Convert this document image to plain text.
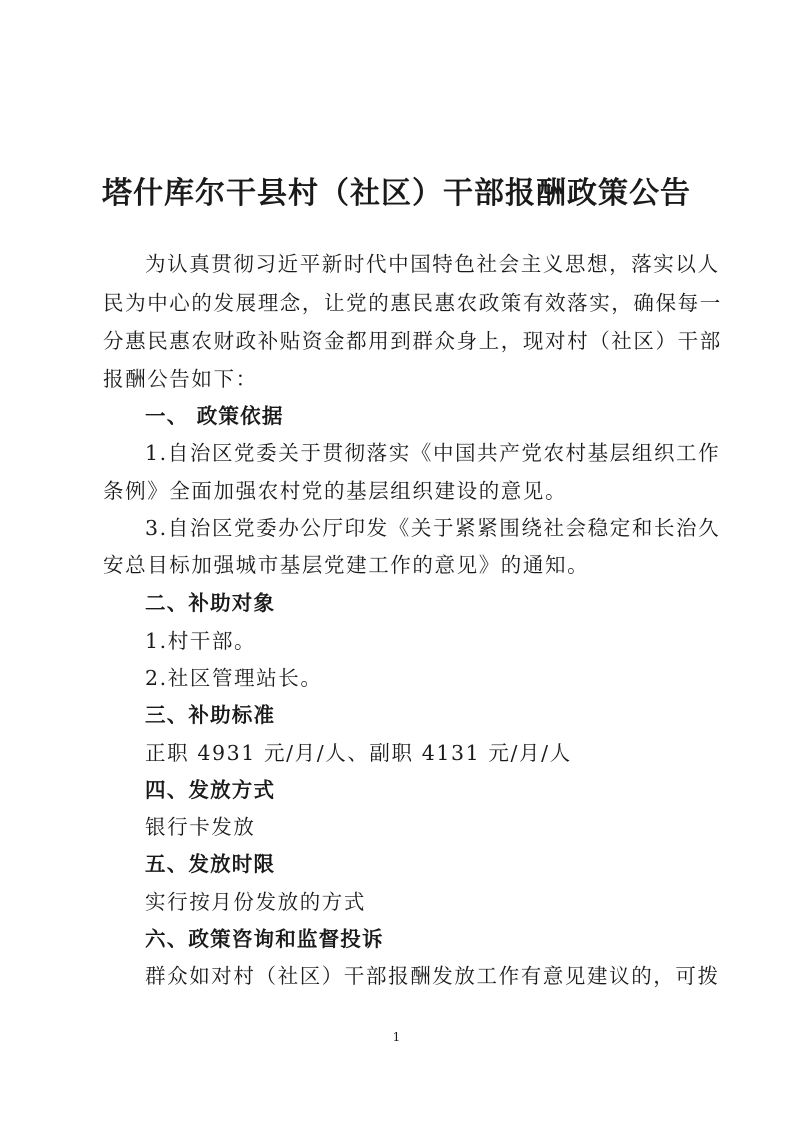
塔什库尔干县村（社区）干部报酬政策公告

为认真贯彻习近平新时代中国特色社会主义思想，落实以人

民为中心的发展理念，让党的惠民惠农政策有效落实，确保每一

分惠民惠农财政补贴资金都用到群众身上，现对村（社区）干部

报酬公告如下：

一、 政策依据

1.自治区党委关于贯彻落实《中国共产党农村基层组织工作

条例》全面加强农村党的基层组织建设的意见。

3.自治区党委办公厅印发《关于紧紧围绕社会稳定和长治久

安总目标加强城市基层党建工作的意见》的通知。

二、补助对象

1.村干部。

2.社区管理站长。

三、补助标准

正职 4931 元/月/人、副职 4131 元/月/人

四、发放方式

银行卡发放

五、发放时限

实行按月份发放的方式

六、政策咨询和监督投诉

群众如对村（社区）干部报酬发放工作有意见建议的，可拨

1
